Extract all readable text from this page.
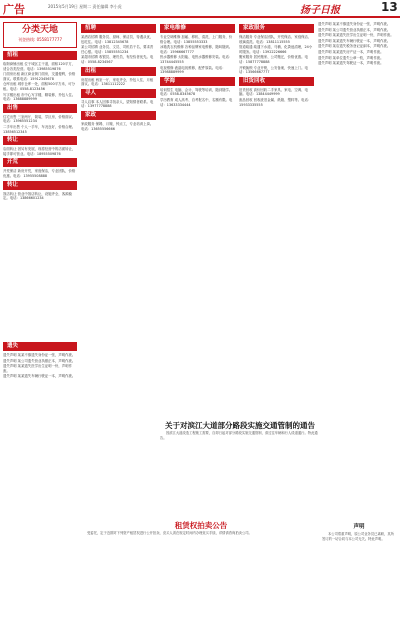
广告	2015年5月19日 星期二 责任编辑 李小虎	扬子日报	13
分类天地
刊登热线: 0558177777
招租
临街商铺出租 位于城区主干道，面积120平方，适合各类经营。电话：13985519876
门面房出租 新区商业街门面房，交通便利，价格面议。联系电话：15912345678
仓库出租 城东仓库一处，面积500平方米，可分租。电话：0558-8123456
写字楼出租 市中心写字楼，精装修，拎包入住。电话：13688889999
出售
住宅出售 三室两厅，简装，学区房，价格面议。电话：13965551234
二手车出售 个人一手车，车况良好，价格合理。13856512345
转让
店面转让 因另有发展，现将经营中的店面转让，接手即可营业。电话：18955509876
开荒
开荒保洁 新房开荒，家庭保洁，专业团队，价格优惠。电话：13955508888
转让
饭店转让 营业中饭店转让，设施齐全，客源稳定。电话：13866601234
招聘
某酒店招聘 服务员、厨师、保洁员，待遇从优，包吃住。电话：13812345678
某公司招聘 业务员、文员、司机若干名，要求责任心强。电话：15855551234
某超市招聘 收银员、理货员，有经验者优先。电话：0558-8234567
出租
房屋出租 两室一厅，家电齐全，拎包入住，月租面议。电话：13611112222
寻人
寻人启事 本人因事寻找亲人，望知情者联系。电话：13977778888
家政
家政服务 保姆、月嫂、钟点工，专业培训上岗。电话：13655556666
家电维修
专业空调维修 加氟、移机、清洗，上门服务，价格合理。电话：13855553333
冰箱洗衣机维修 各种品牌家电维修，随叫随到。电话：15966667777
热水器维修 太阳能、电热水器维修安装。电话：13744445555
电视维修 液晶电视维修，配件原装。电话：13988889999
学海
培训招生 电脑、会计、驾驶等培训，随到随学。电话：0558-8345678
学历教育 成人高考、自考报名中，名额有限。电话：13633334444
家政服务
保洁服务 专业保洁团队，开荒保洁、家庭保洁、玻璃清洗。电话：13811115555
管道疏通 疏通下水道、马桶、化粪池清理，24小时服务。电话：13922226666
搬家服务 居民搬家、公司搬迁，价格优惠。电话：15877778888
开锁换锁 专业开锁，公安备案，快速上门。电话：13566667777
旧货回收
旧货回收 高价回收二手家具、家电、空调、电脑。电话：13844449999
废品回收 回收废旧金属、纸箱、塑料等。电话：15933335555
遗失声明 某某不慎遗失身份证一张，声明作废。
遗失声明 某公司遗失营业执照正本，声明作废。
遗失声明 某某遗失医学出生证明一份，声明作废。
遗失声明 某某遗失车辆行驶证一本，声明作废。
遗失声明 某店遗失税务登记证副本，声明作废。
遗失声明 某某遗失房产证一本，声明作废。
遗失声明 某单位遗失公章一枚，声明作废。
遗失声明 某某遗失驾驶证一本，声明作废。
遗失
遗失声明 某某不慎遗失身份证一张，声明作废。
遗失声明 某公司遗失营业执照正本，声明作废。
遗失声明 某某遗失医学出生证明一份，声明作废。
遗失声明 某某遗失车辆行驶证一本，声明作废。
关于对滨江大道部分路段实施交通管制的通告

因滨江大道改造工程施工需要，自即日起对部分路段实施交通管制，请过往车辆和行人绕道通行。特此通告。

租赁权拍卖公告

受委托，定于近期对下列资产租赁权进行公开拍卖，竞买人须在规定时间内办理竞买手续，详情请咨询拍卖公司。

声明

本公司郑重声明，原公司业务员已离职，其所签订的一切合同与本公司无关。特此声明。
